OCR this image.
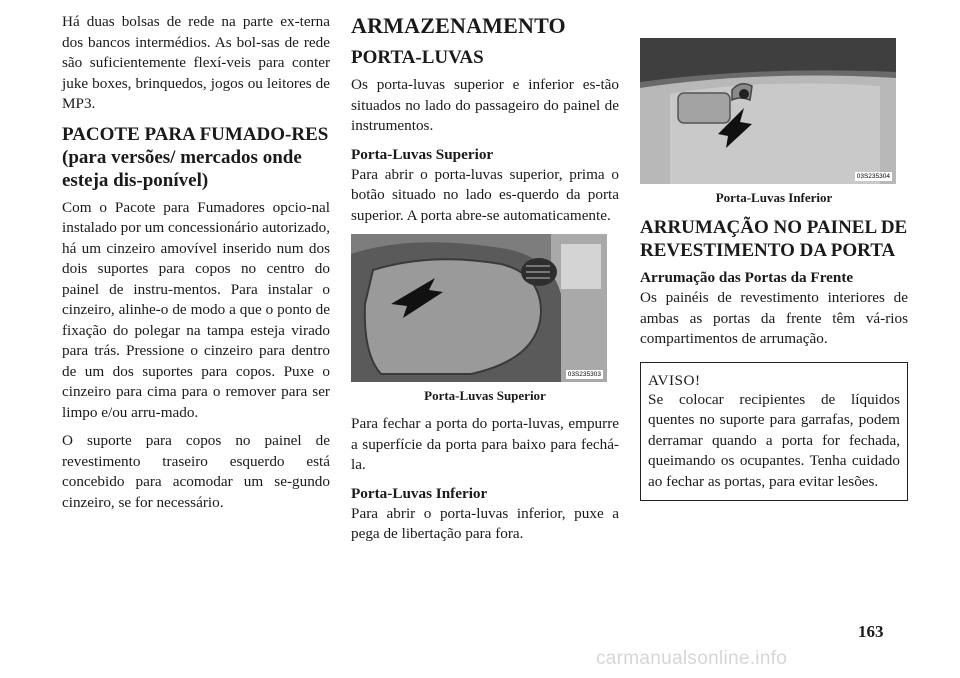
Há duas bolsas de rede na parte ex-terna dos bancos intermédios. As bol-sas de rede são suficientemente flexí-veis para conter juke boxes, brinquedos, jogos ou leitores de MP3.

PACOTE PARA FUMADO-RES (para versões/ mercados onde esteja dis-ponível)

Com o Pacote para Fumadores opcio-nal instalado por um concessionário autorizado, há um cinzeiro amovível inserido num dos dois suportes para copos no centro do painel de instru-mentos. Para instalar o cinzeiro, alinhe-o de modo a que o ponto de fixação do polegar na tampa esteja virado para trás. Pressione o cinzeiro para dentro de um dos suportes para copos. Puxe o cinzeiro para cima para o remover para ser limpo e/ou arru-mado.

O suporte para copos no painel de revestimento traseiro esquerdo está concebido para acomodar um se-gundo cinzeiro, se for necessário.

ARMAZENAMENTO
PORTA-LUVAS

Os porta-luvas superior e inferior es-tão situados no lado do passageiro do painel de instrumentos.

Porta-Luvas Superior

Para abrir o porta-luvas superior, prima o botão situado no lado es-querdo da porta superior. A porta abre-se automaticamente.

03S235303
Porta-Luvas Superior

Para fechar a porta do porta-luvas, empurre a superfície da porta para baixo para fechá-la.

Porta-Luvas Inferior

Para abrir o porta-luvas inferior, puxe a pega de libertação para fora.

03S235304
Porta-Luvas Inferior
ARRUMAÇÃO NO PAINEL DE REVESTIMENTO DA PORTA
Arrumação das Portas da Frente

Os painéis de revestimento interiores de ambas as portas da frente têm vá-rios compartimentos de arrumação.

AVISO!

Se colocar recipientes de líquidos quentes no suporte para garrafas, podem derramar quando a porta for fechada, queimando os ocupantes. Tenha cuidado ao fechar as portas, para evitar lesões.

163
carmanualsonline.info
